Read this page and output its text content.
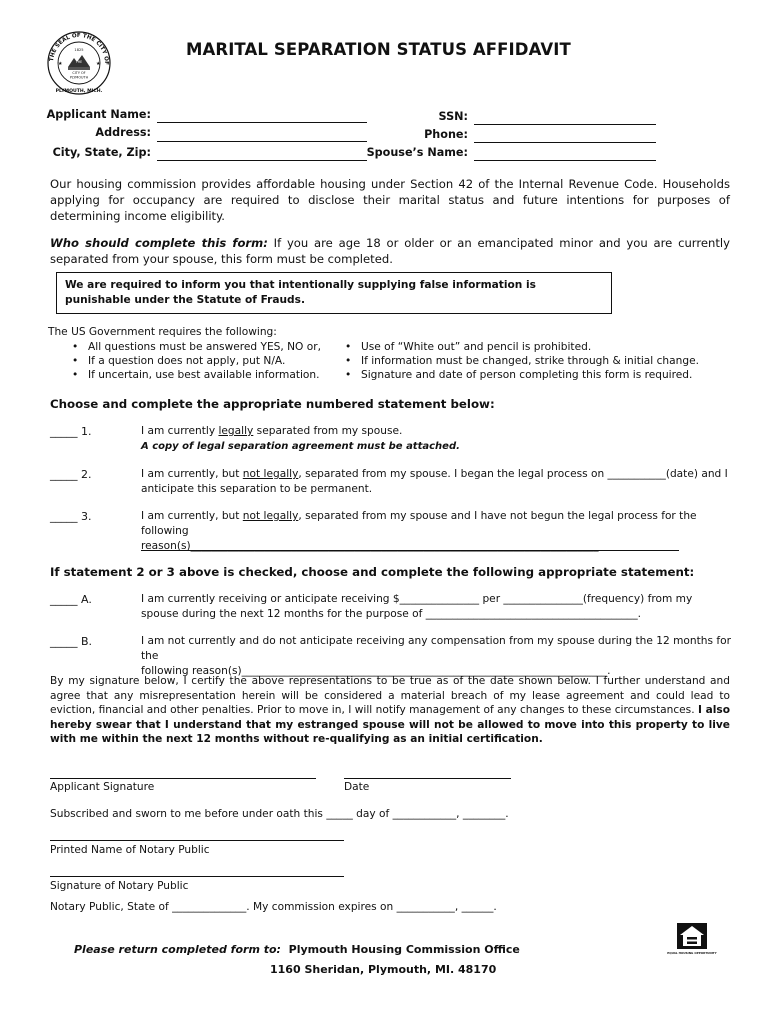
THE SEAL OF THE CITY OF
PLYMOUTH, MICH.
1825
THE
CITY OF
PLYMOUTH
★	★
MARITAL SEPARATION STATUS AFFIDAVIT
Applicant Name:
Address:
City, State, Zip:
SSN:
Phone:
Spouse’s Name:
Our housing commission provides affordable housing under Section 42 of the Internal Revenue Code. Households applying for occupancy are required to disclose their marital status and future intentions for purposes of determining income eligibility.
Who should complete this form: If you are age 18 or older or an emancipated minor and you are currently separated from your spouse, this form must be completed.
We are required to inform you that intentionally supplying false information is punishable under the Statute of Frauds.
The US Government requires the following:
• All questions must be answered YES, NO or,
• If a question does not apply, put N/A.
• If uncertain, use best available information.
• Use of “White out” and pencil is prohibited.
• If information must be changed, strike through & initial change.
• Signature and date of person completing this form is required.
Choose and complete the appropriate numbered statement below:
_____ 1.	I am currently legally separated from my spouse.
A copy of legal separation agreement must be attached.
_____ 2.	I am currently, but not legally, separated from my spouse. I began the legal process on ___________(date) and I
anticipate this separation to be permanent.
_____ 3.	I am currently, but not legally, separated from my spouse and I have not begun the legal process for the following
reason(s)_____________________________________________________________________________
If statement 2 or 3 above is checked, choose and complete the following appropriate statement:
_____ A.	I am currently receiving or anticipate receiving $_______________ per _______________(frequency) from my
spouse during the next 12 months for the purpose of ________________________________________.
_____ B.	I am not currently and do not anticipate receiving any compensation from my spouse during the 12 months for the
following reason(s)_____________________________________________________________________.
By my signature below, I certify the above representations to be true as of the date shown below. I further understand and agree that any misrepresentation herein will be considered a material breach of my lease agreement and could lead to eviction, financial and other penalties. Prior to move in, I will notify management of any changes to these circumstances. I also hereby swear that I understand that my estranged spouse will not be allowed to move into this property to live with me within the next 12 months without re-qualifying as an initial certification.
Applicant Signature	Date
Subscribed and sworn to me before under oath this _____ day of ____________, ________.
Printed Name of Notary Public
Signature of Notary Public
Notary Public, State of ______________. My commission expires on ___________, ______.
Please return completed form to: Plymouth Housing Commission Office
1160 Sheridan, Plymouth, MI. 48170
EQUAL HOUSING OPPORTUNITY
